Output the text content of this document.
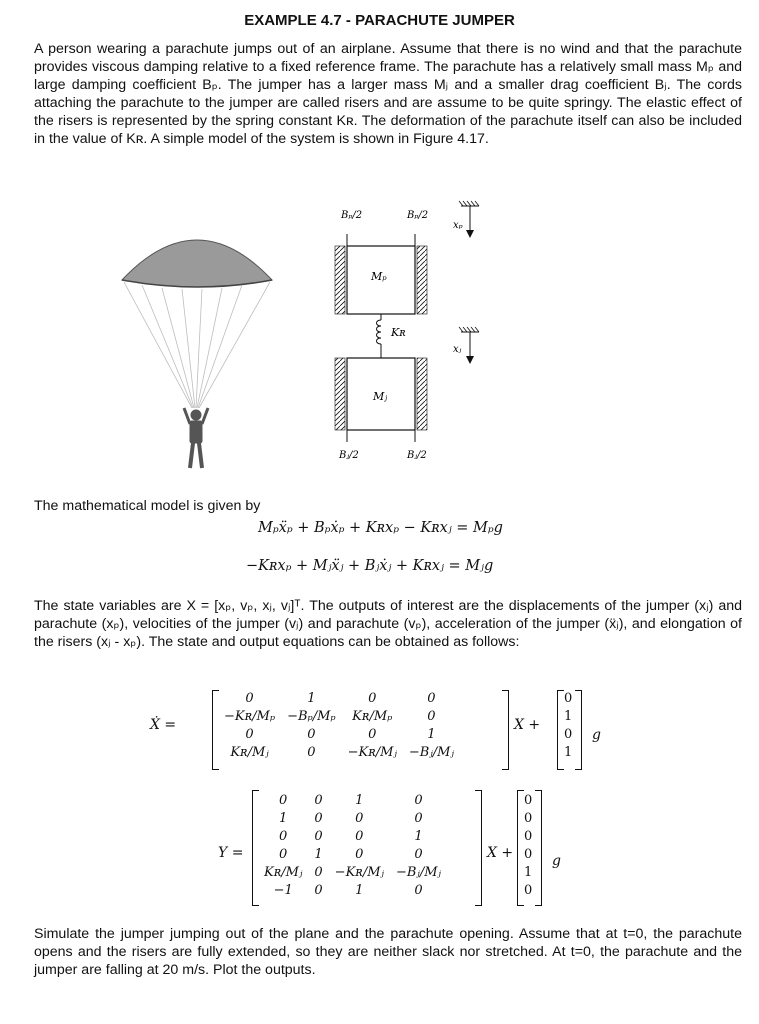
EXAMPLE 4.7 - PARACHUTE JUMPER
A person wearing a parachute jumps out of an airplane. Assume that there is no wind and that the parachute provides viscous damping relative to a fixed reference frame. The parachute has a relatively small mass Mₚ and large damping coefficient Bₚ. The jumper has a larger mass Mⱼ and a smaller drag coefficient Bⱼ. The cords attaching the parachute to the jumper are called risers and are assume to be quite springy. The elastic effect of the risers is represented by the spring constant Kʀ. The deformation of the parachute itself can also be included in the value of Kʀ. A simple model of the system is shown in Figure 4.17.
Bₚ/2	Bₚ/2
Mₚ
Kʀ
Mⱼ
Bⱼ/2	Bⱼ/2
xₚ
xⱼ
The mathematical model is given by
Mₚẍₚ + Bₚẋₚ + Kʀxₚ − Kʀxⱼ = Mₚg
−Kʀxₚ + Mⱼẍⱼ + Bⱼẋⱼ + Kʀxⱼ = Mⱼg
The state variables are X = [xₚ, vₚ, xⱼ, vⱼ]ᵀ. The outputs of interest are the displacements of the jumper (xⱼ) and parachute (xₚ), velocities of the jumper (vⱼ) and parachute (vₚ), acceleration of the jumper (ẍⱼ), and elongation of the risers (xⱼ - xₚ). The state and output equations can be obtained as follows:
Ẋ =
0	1	0	0
−Kʀ/Mₚ	−Bₚ/Mₚ	Kʀ/Mₚ	0
0	0	0	1
Kʀ/Mⱼ	0	−Kʀ/Mⱼ	−Bⱼ/Mⱼ
X +
0
1
0
1
g
Y =
0	0	1	0
1	0	0	0
0	0	0	1
0	1	0	0
Kʀ/Mⱼ	0	−Kʀ/Mⱼ	−Bⱼ/Mⱼ
−1	0	1	0
X +
0
0
0
0
1
0
g
Simulate the jumper jumping out of the plane and the parachute opening. Assume that at t=0, the parachute opens and the risers are fully extended, so they are neither slack nor stretched. At t=0, the parachute and the jumper are falling at 20 m/s. Plot the outputs.
